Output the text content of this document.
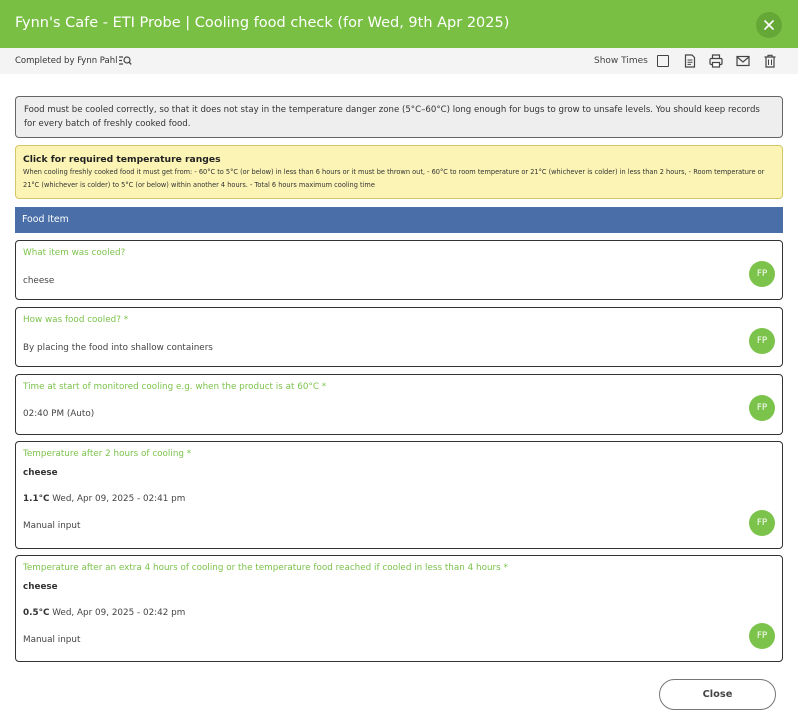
Fynn's Cafe - ETI Probe | Cooling food check (for Wed, 9th Apr 2025)
Completed by Fynn Pahl	Show Times
Food must be cooled correctly, so that it does not stay in the temperature danger zone (5°C–60°C) long enough for bugs to grow to unsafe levels. You should keep records for every batch of freshly cooked food.
Click for required temperature ranges
When cooling freshly cooked food it must get from: - 60°C to 5°C (or below) in less than 6 hours or it must be thrown out, - 60°C to room temperature or 21°C (whichever is colder) in less than 2 hours, - Room temperature or 21°C (whichever is colder) to 5°C (or below) within another 4 hours. - Total 6 hours maximum cooling time
Food Item
What item was cooled?
cheese
FP
How was food cooled? *
By placing the food into shallow containers
FP
Time at start of monitored cooling e.g. when the product is at 60°C *
02:40 PM (Auto)
FP
Temperature after 2 hours of cooling *
cheese
1.1°C Wed, Apr 09, 2025 - 02:41 pm
Manual input	FP
Temperature after an extra 4 hours of cooling or the temperature food reached if cooled in less than 4 hours *
cheese
0.5°C Wed, Apr 09, 2025 - 02:42 pm
Manual input	FP
Close
